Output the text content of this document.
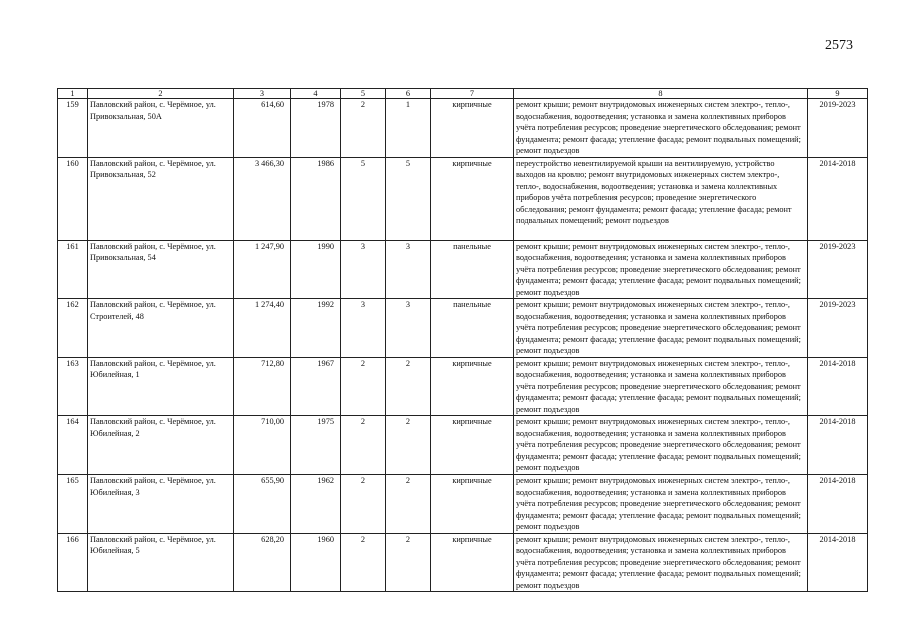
2573
1	2	3	4	5	6	7	8	9
159	Павловский район, с. Черёмное, ул. Привокзальная, 50А	614,60	1978	2	1	кирпичные	ремонт крыши; ремонт внутридомовых инженерных систем электро-, тепло-, водоснабжения, водоотведения; установка и замена коллективных приборов учёта потребления ресурсов; проведение энергетического обследования; ремонт фундамента; ремонт фасада; утепление фасада; ремонт подвальных помещений; ремонт подъездов	2019-2023
160	Павловский район, с. Черёмное, ул. Привокзальная, 52	3 466,30	1986	5	5	кирпичные	переустройство невентилируемой крыши на вентилируемую, устройство выходов на кровлю; ремонт внутридомовых инженерных систем электро-, тепло-, водоснабжения, водоотведения; установка и замена коллективных приборов учёта потребления ресурсов; проведение энергетического обследования; ремонт фундамента; ремонт фасада; утепление фасада; ремонт подвальных помещений; ремонт подъездов	2014-2018
161	Павловский район, с. Черёмное, ул. Привокзальная, 54	1 247,90	1990	3	3	панельные	ремонт крыши; ремонт внутридомовых инженерных систем электро-, тепло-, водоснабжения, водоотведения; установка и замена коллективных приборов учёта потребления ресурсов; проведение энергетического обследования; ремонт фундамента; ремонт фасада; утепление фасада; ремонт подвальных помещений; ремонт подъездов	2019-2023
162	Павловский район, с. Черёмное, ул. Строителей, 48	1 274,40	1992	3	3	панельные	ремонт крыши; ремонт внутридомовых инженерных систем электро-, тепло-, водоснабжения, водоотведения; установка и замена коллективных приборов учёта потребления ресурсов; проведение энергетического обследования; ремонт фундамента; ремонт фасада; утепление фасада; ремонт подвальных помещений; ремонт подъездов	2019-2023
163	Павловский район, с. Черёмное, ул. Юбилейная, 1	712,80	1967	2	2	кирпичные	ремонт крыши; ремонт внутридомовых инженерных систем электро-, тепло-, водоснабжения, водоотведения; установка и замена коллективных приборов учёта потребления ресурсов; проведение энергетического обследования; ремонт фундамента; ремонт фасада; утепление фасада; ремонт подвальных помещений; ремонт подъездов	2014-2018
164	Павловский район, с. Черёмное, ул. Юбилейная, 2	710,00	1975	2	2	кирпичные	ремонт крыши; ремонт внутридомовых инженерных систем электро-, тепло-, водоснабжения, водоотведения; установка и замена коллективных приборов учёта потребления ресурсов; проведение энергетического обследования; ремонт фундамента; ремонт фасада; утепление фасада; ремонт подвальных помещений; ремонт подъездов	2014-2018
165	Павловский район, с. Черёмное, ул. Юбилейная, 3	655,90	1962	2	2	кирпичные	ремонт крыши; ремонт внутридомовых инженерных систем электро-, тепло-, водоснабжения, водоотведения; установка и замена коллективных приборов учёта потребления ресурсов; проведение энергетического обследования; ремонт фундамента; ремонт фасада; утепление фасада; ремонт подвальных помещений; ремонт подъездов	2014-2018
166	Павловский район, с. Черёмное, ул. Юбилейная, 5	628,20	1960	2	2	кирпичные	ремонт крыши; ремонт внутридомовых инженерных систем электро-, тепло-, водоснабжения, водоотведения; установка и замена коллективных приборов учёта потребления ресурсов; проведение энергетического обследования; ремонт фундамента; ремонт фасада; утепление фасада; ремонт подвальных помещений; ремонт подъездов	2014-2018
